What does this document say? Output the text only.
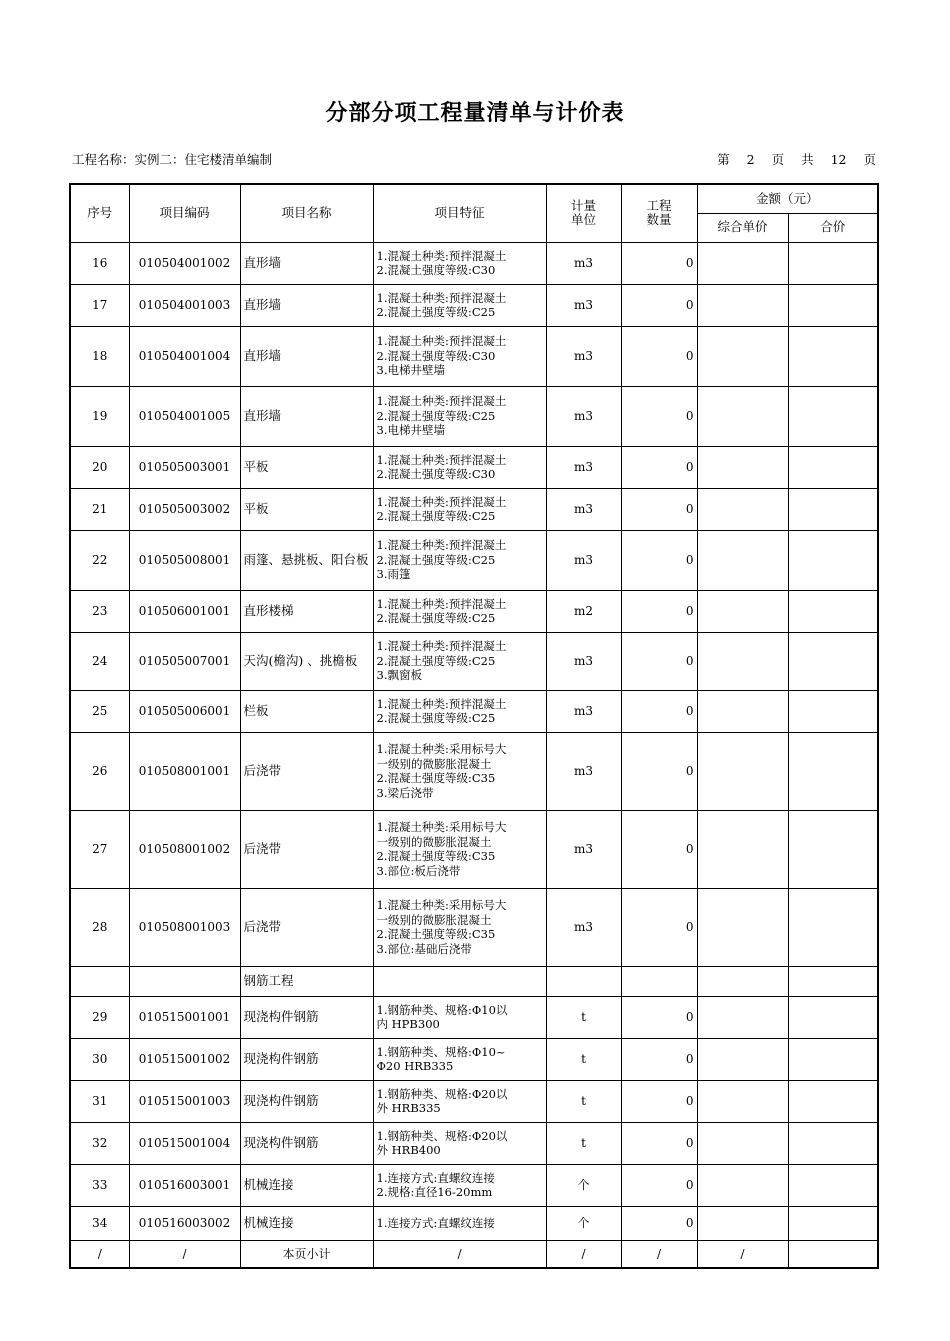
分部分项工程量清单与计价表
工程名称：实例二：住宅楼清单编制	第 2 页 共 12 页
序号	项目编码	项目名称	项目特征	计量
单位	工程
数量	金额（元）	
						综合单价	合价
16	010504001002	直形墙	1.混凝土种类:预拌混凝土
2.混凝土强度等级:C30	m3	0		
17	010504001003	直形墙	1.混凝土种类:预拌混凝土
2.混凝土强度等级:C25	m3	0		
18	010504001004	直形墙	1.混凝土种类:预拌混凝土
2.混凝土强度等级:C30
3.电梯井壁墙	m3	0		
19	010504001005	直形墙	1.混凝土种类:预拌混凝土
2.混凝土强度等级:C25
3.电梯井壁墙	m3	0		
20	010505003001	平板	1.混凝土种类:预拌混凝土
2.混凝土强度等级:C30	m3	0		
21	010505003002	平板	1.混凝土种类:预拌混凝土
2.混凝土强度等级:C25	m3	0		
22	010505008001	雨篷、悬挑板、阳台板	1.混凝土种类:预拌混凝土
2.混凝土强度等级:C25
3.雨篷	m3	0		
23	010506001001	直形楼梯	1.混凝土种类:预拌混凝土
2.混凝土强度等级:C25	m2	0		
24	010505007001	天沟(檐沟) 、挑檐板	1.混凝土种类:预拌混凝土
2.混凝土强度等级:C25
3.飘窗板	m3	0		
25	010505006001	栏板	1.混凝土种类:预拌混凝土
2.混凝土强度等级:C25	m3	0		
26	010508001001	后浇带	1.混凝土种类:采用标号大
一级别的微膨胀混凝土
2.混凝土强度等级:C35
3.梁后浇带	m3	0		
27	010508001002	后浇带	1.混凝土种类:采用标号大
一级别的微膨胀混凝土
2.混凝土强度等级:C35
3.部位:板后浇带	m3	0		
28	010508001003	后浇带	1.混凝土种类:采用标号大
一级别的微膨胀混凝土
2.混凝土强度等级:C35
3.部位:基础后浇带	m3	0		
		钢筋工程					
29	010515001001	现浇构件钢筋	1.钢筋种类、规格:Φ10以
内 HPB300	t	0		
30	010515001002	现浇构件钢筋	1.钢筋种类、规格:Φ10~
Φ20 HRB335	t	0		
31	010515001003	现浇构件钢筋	1.钢筋种类、规格:Φ20以
外 HRB335	t	0		
32	010515001004	现浇构件钢筋	1.钢筋种类、规格:Φ20以
外 HRB400	t	0		
33	010516003001	机械连接	1.连接方式:直螺纹连接
2.规格:直径16-20mm	个	0		
34	010516003002	机械连接	1.连接方式:直螺纹连接	个	0		
/	/	本页小计	/	/	/	/	
